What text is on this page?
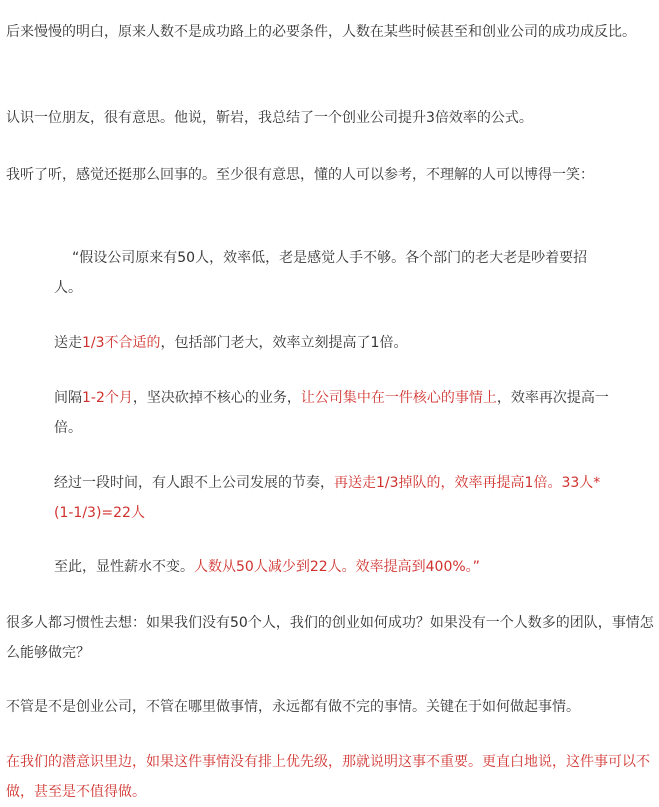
后来慢慢的明白，原来人数不是成功路上的必要条件，人数在某些时候甚至和创业公司的成功成反比。

认识一位朋友，很有意思。他说，靳岩，我总结了一个创业公司提升3倍效率的公式。

我听了听，感觉还挺那么回事的。至少很有意思，懂的人可以参考，不理解的人可以博得一笑：

“假设公司原来有50人，效率低，老是感觉人手不够。各个部门的老大老是吵着要招人。

送走1/3不合适的，包括部门老大，效率立刻提高了1倍。

间隔1-2个月，坚决砍掉不核心的业务，让公司集中在一件核心的事情上，效率再次提高一倍。

经过一段时间，有人跟不上公司发展的节奏，再送走1/3掉队的，效率再提高1倍。33人*(1-1/3)=22人

至此，显性薪水不变。人数从50人减少到22人。效率提高到400%。”

很多人都习惯性去想：如果我们没有50个人，我们的创业如何成功？如果没有一个人数多的团队，事情怎么能够做完？

不管是不是创业公司，不管在哪里做事情，永远都有做不完的事情。关键在于如何做起事情。

在我们的潜意识里边，如果这件事情没有排上优先级，那就说明这事不重要。更直白地说，这件事可以不做，甚至是不值得做。
